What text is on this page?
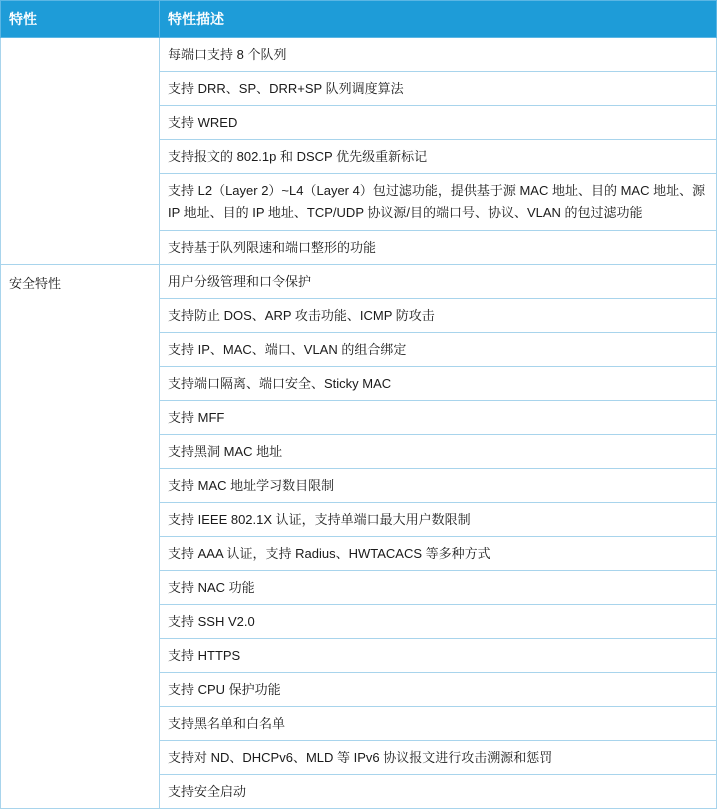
特性	特性描述
	每端口支持 8 个队列
	支持 DRR、SP、DRR+SP 队列调度算法
	支持 WRED
	支持报文的 802.1p 和 DSCP 优先级重新标记
	支持 L2（Layer 2）~L4（Layer 4）包过滤功能，提供基于源 MAC 地址、目的 MAC 地址、源 IP 地址、目的 IP 地址、TCP/UDP 协议源/目的端口号、协议、VLAN 的包过滤功能
	支持基于队列限速和端口整形的功能
安全特性	用户分级管理和口令保护
	支持防止 DOS、ARP 攻击功能、ICMP 防攻击
	支持 IP、MAC、端口、VLAN 的组合绑定
	支持端口隔离、端口安全、Sticky MAC
	支持 MFF
	支持黑洞 MAC 地址
	支持 MAC 地址学习数目限制
	支持 IEEE 802.1X 认证，支持单端口最大用户数限制
	支持 AAA 认证，支持 Radius、HWTACACS 等多种方式
	支持 NAC 功能
	支持 SSH V2.0
	支持 HTTPS
	支持 CPU 保护功能
	支持黑名单和白名单
	支持对 ND、DHCPv6、MLD 等 IPv6 协议报文进行攻击溯源和惩罚
	支持安全启动
